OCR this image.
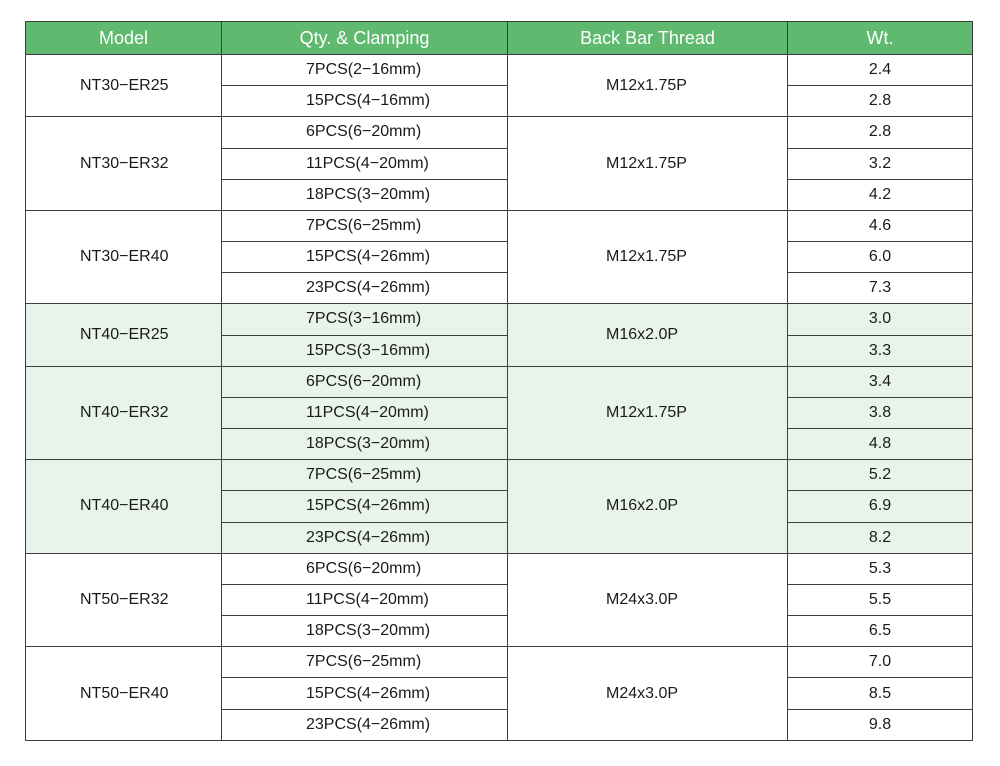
Model	Qty. & Clamping	Back Bar Thread	Wt.
NT30−ER25	7PCS(2−16mm)	M12x1.75P	2.4
	15PCS(4−16mm)		2.8
NT30−ER32	6PCS(6−20mm)	M12x1.75P	2.8
	11PCS(4−20mm)		3.2
	18PCS(3−20mm)		4.2
NT30−ER40	7PCS(6−25mm)	M12x1.75P	4.6
	15PCS(4−26mm)		6.0
	23PCS(4−26mm)		7.3
NT40−ER25	7PCS(3−16mm)	M16x2.0P	3.0
	15PCS(3−16mm)		3.3
NT40−ER32	6PCS(6−20mm)	M12x1.75P	3.4
	11PCS(4−20mm)		3.8
	18PCS(3−20mm)		4.8
NT40−ER40	7PCS(6−25mm)	M16x2.0P	5.2
	15PCS(4−26mm)		6.9
	23PCS(4−26mm)		8.2
NT50−ER32	6PCS(6−20mm)	M24x3.0P	5.3
	11PCS(4−20mm)		5.5
	18PCS(3−20mm)		6.5
NT50−ER40	7PCS(6−25mm)	M24x3.0P	7.0
	15PCS(4−26mm)		8.5
	23PCS(4−26mm)		9.8
